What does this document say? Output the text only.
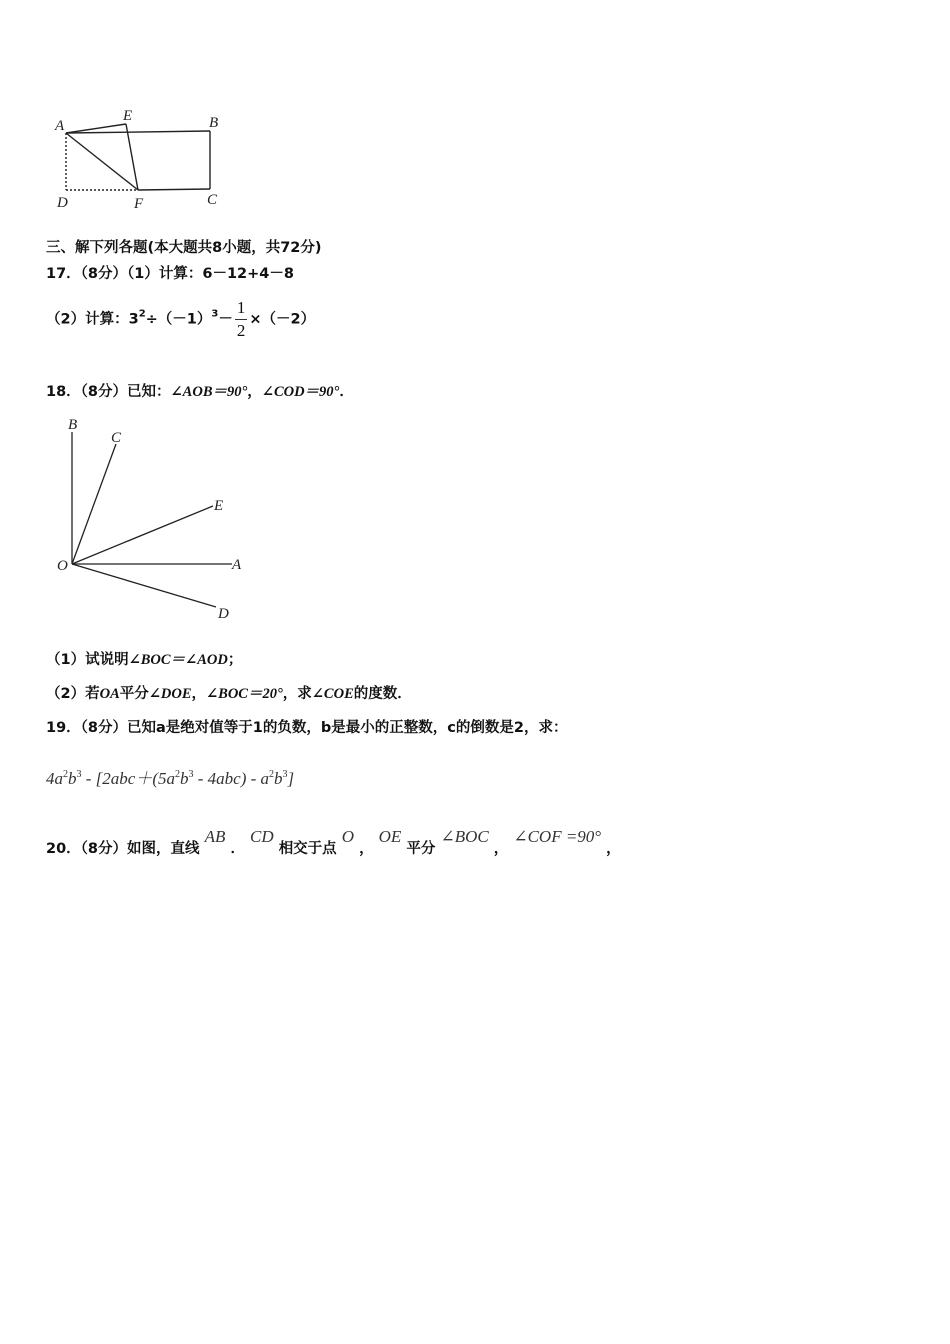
A
E	B
D	F	C
三、解下列各题(本大题共8小题，共72分)
17．（8分）（1）计算：6－12+4－8
（2）计算：$3^2\div(-1)^3- \frac{1}{2} \times(-2)$
18．（8分）已知：∠AOB＝90°，∠COD＝90°．
B
C
E
O	A
D
（1）试说明∠BOC＝∠AOD；
（2）若OA平分∠DOE，∠BOC＝20°，求∠COE的度数．
19．（8分）已知a是绝对值等于1的负数，b是最小的正整数，c的倒数是2，求：
$4a^2b^3 - [2abc+(5a^2b^3 - 4abc) - a^2b^3]$
20．（8分）如图，直线 AB ． CD 相交于点 O ， OE 平分 ∠BOC ， ∠COF =90° ，
